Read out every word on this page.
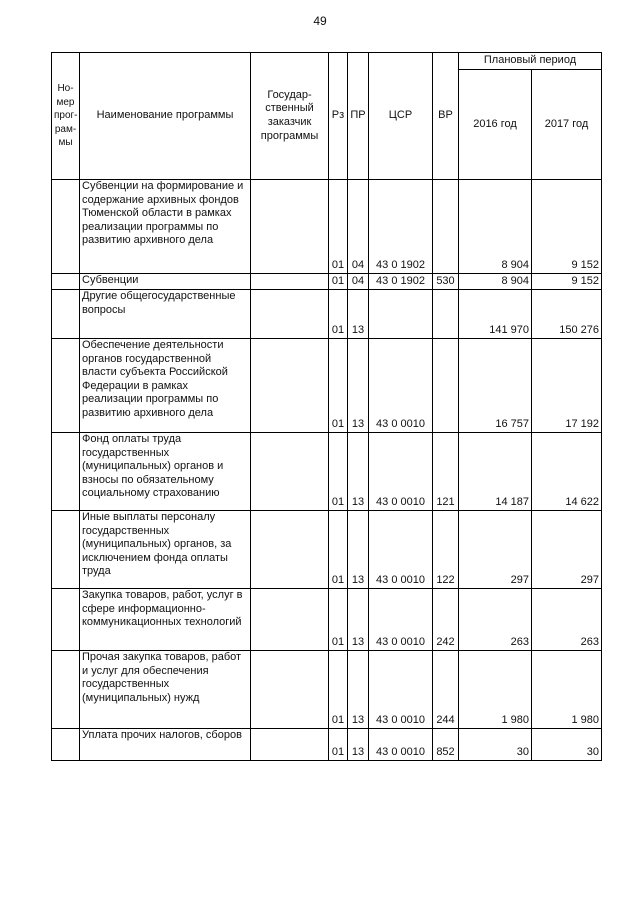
49
Но-мер прог-рам-мы	Наименование программы	Государ-ственный заказчик программы	Рз	ПР	ЦСР	ВР	Плановый период	
							2016 год	2017 год
	Субвенции на формирование и содержание архивных фондов Тюменской области в рамках реализации программы по развитию архивного дела		01	04	43 0 1902		8 904	9 152
	Субвенции		01	04	43 0 1902	530	8 904	9 152
	Другие общегосударственные вопросы		01	13			141 970	150 276
	Обеспечение деятельности органов государственной власти субъекта Российской Федерации в рамках реализации программы по развитию архивного дела		01	13	43 0 0010		16 757	17 192
	Фонд оплаты труда государственных (муниципальных) органов и взносы по обязательному социальному страхованию		01	13	43 0 0010	121	14 187	14 622
	Иные выплаты персоналу государственных (муниципальных) органов, за исключением фонда оплаты труда		01	13	43 0 0010	122	297	297
	Закупка товаров, работ, услуг в сфере информационно-коммуникационных технологий		01	13	43 0 0010	242	263	263
	Прочая закупка товаров, работ и услуг для обеспечения государственных (муниципальных) нужд		01	13	43 0 0010	244	1 980	1 980
	Уплата прочих налогов, сборов		01	13	43 0 0010	852	30	30
